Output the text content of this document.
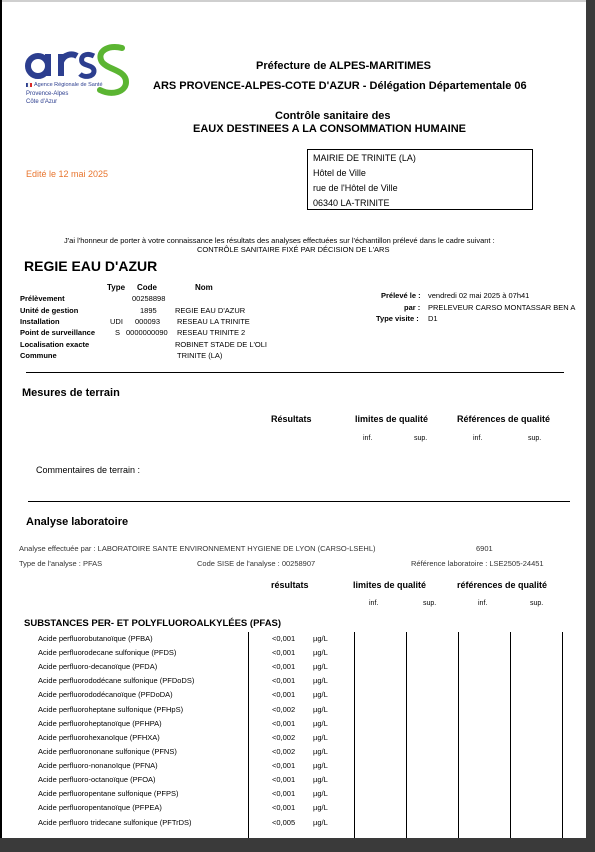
Agence Régionale de Santé
Provence-Alpes
Côte d'Azur
Préfecture de ALPES-MARITIMES
ARS PROVENCE-ALPES-COTE D'AZUR - Délégation Départementale 06
Contrôle sanitaire des
EAUX DESTINEES A LA CONSOMMATION HUMAINE
Edité le 12 mai 2025
MAIRIE DE TRINITE (LA)
Hôtel de Ville
rue de l'Hôtel de Ville
06340 LA-TRINITE
J'ai l'honneur de porter à votre connaissance les résultats des analyses effectuées sur l'échantillon prélevé dans le cadre suivant :
CONTRÔLE SANITAIRE FIXÉ PAR DÉCISION DE L'ARS
REGIE EAU D'AZUR
Type Code	Nom
Prélèvement	00258898
Unité de gestion	1895 REGIE EAU D'AZUR
Installation	UDI 000093 RESEAU LA TRINITE
Point de surveillance	S 0000000090 RESEAU TRINITE 2
Localisation exacte	ROBINET STADE DE L'OLI
Commune	TRINITE (LA)
Prélevé le : vendredi 02 mai 2025 à 07h41
par : PRELEVEUR CARSO MONTASSAR BEN A
Type visite : D1
Mesures de terrain
Résultats	limites de qualité	Références de qualité
inf.	sup.	inf.	sup.
Commentaires de terrain :
Analyse laboratoire
Analyse effectuée par : LABORATOIRE SANTE ENVIRONNEMENT HYGIENE DE LYON (CARSO-LSEHL)	6901
Type de l'analyse : PFAS	Code SISE de l'analyse : 00258907	Référence laboratoire : LSE2505-24451
résultats	limites de qualité	références de qualité
inf.	sup.	inf.	sup.
SUBSTANCES PER- ET POLYFLUOROALKYLÉES (PFAS)
Acide perfluorobutanoïque (PFBA)	<0,001 µg/L
Acide perfluorodecane sulfonique (PFDS)	<0,001 µg/L
Acide perfluoro-decanoïque (PFDA)	<0,001 µg/L
Acide perfluorododécane sulfonique (PFDoDS)	<0,001 µg/L
Acide perfluorododécanoïque (PFDoDA)	<0,001 µg/L
Acide perfluoroheptane sulfonique (PFHpS)	<0,002 µg/L
Acide perfluoroheptanoïque (PFHPA)	<0,001 µg/L
Acide perfluorohexanoïque (PFHXA)	<0,002 µg/L
Acide perfluorononane sulfonique (PFNS)	<0,002 µg/L
Acide perfluoro-nonanoïque (PFNA)	<0,001 µg/L
Acide perfluoro-octanoïque (PFOA)	<0,001 µg/L
Acide perfluoropentane sulfonique (PFPS)	<0,001 µg/L
Acide perfluoropentanoïque (PFPEA)	<0,001 µg/L
Acide perfluoro tridecane sulfonique (PFTrDS)	<0,005 µg/L
